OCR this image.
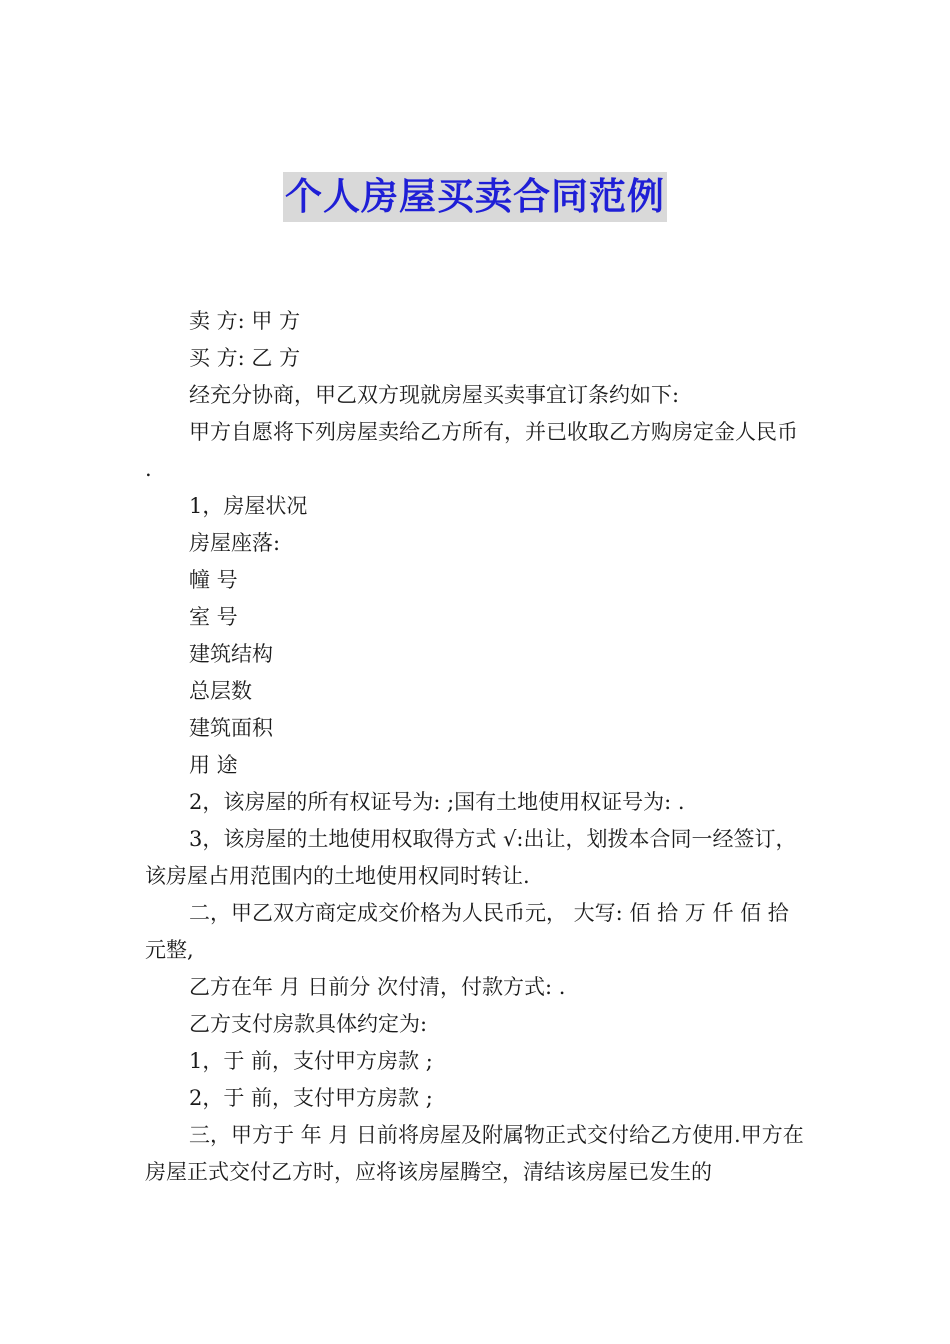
个人房屋买卖合同范例

卖 方: 甲 方

买 方: 乙 方

经充分协商，甲乙双方现就房屋买卖事宜订条约如下:

甲方自愿将下列房屋卖给乙方所有，并已收取乙方购房定金人民币 .

1，房屋状况

房屋座落:

幢 号

室 号

建筑结构

总层数

建筑面积

用 途

2，该房屋的所有权证号为: ;国有土地使用权证号为: .

3，该房屋的土地使用权取得方式 √:出让，划拨本合同一经签订，该房屋占用范围内的土地使用权同时转让.

二，甲乙双方商定成交价格为人民币元， 大写: 佰 拾 万 仟 佰 拾 元整,

乙方在年 月 日前分 次付清，付款方式: .

乙方支付房款具体约定为:

1，于 前，支付甲方房款 ;

2，于 前，支付甲方房款 ;

三，甲方于 年 月 日前将房屋及附属物正式交付给乙方使用.甲方在房屋正式交付乙方时，应将该房屋腾空，清结该房屋已发生的
